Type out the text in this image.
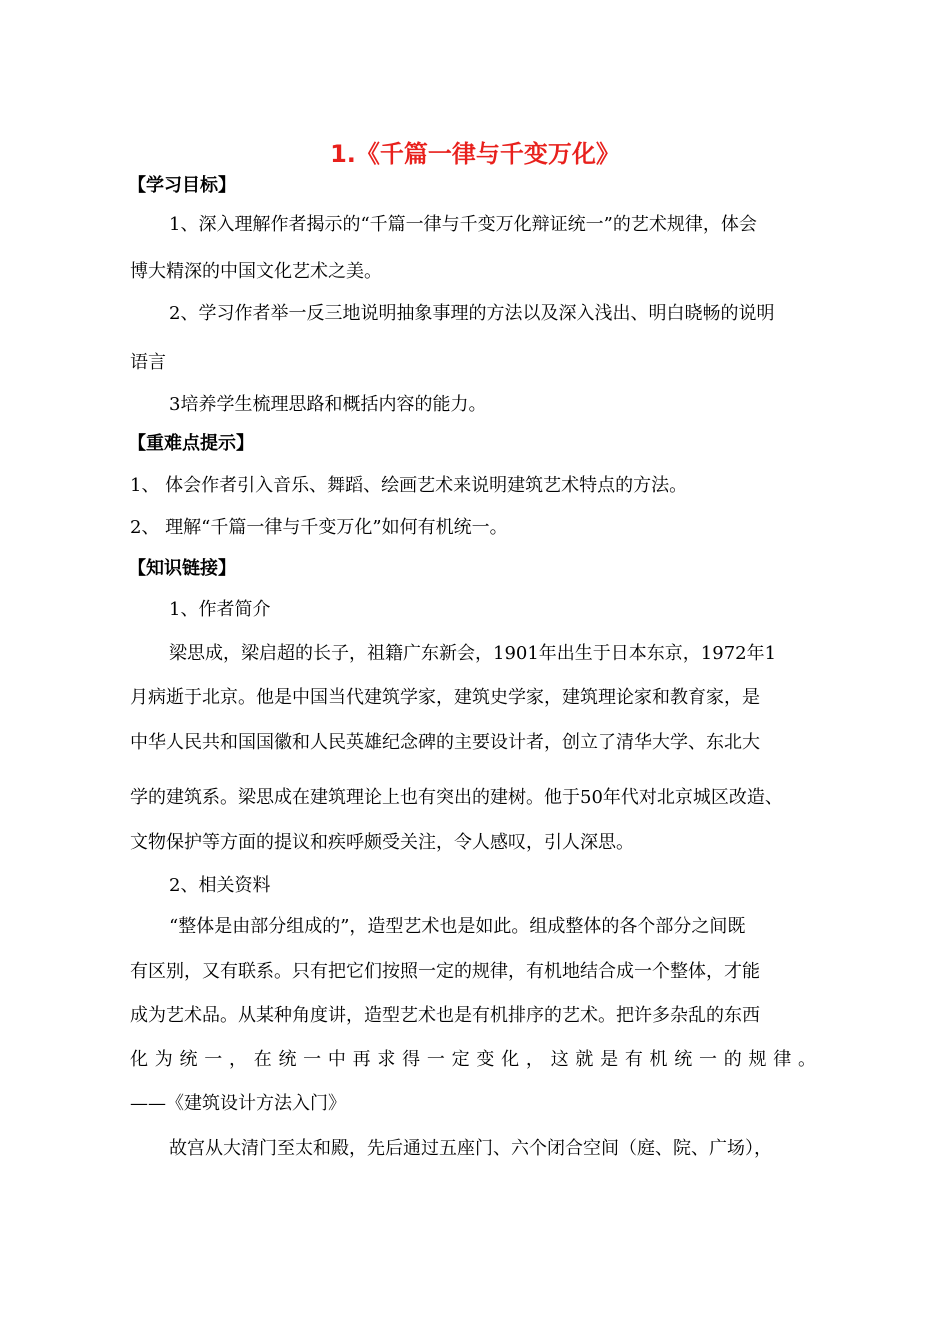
1.《千篇一律与千变万化》
【学习目标】
1、深入理解作者揭示的“千篇一律与千变万化辩证统一”的艺术规律，体会
博大精深的中国文化艺术之美。
2、学习作者举一反三地说明抽象事理的方法以及深入浅出、明白晓畅的说明
语言
3培养学生梳理思路和概括内容的能力。
【重难点提示】
1、 体会作者引入音乐、舞蹈、绘画艺术来说明建筑艺术特点的方法。
2、 理解“千篇一律与千变万化”如何有机统一。
【知识链接】
1、作者简介
梁思成，梁启超的长子，祖籍广东新会，1901年出生于日本东京，1972年1
月病逝于北京。他是中国当代建筑学家，建筑史学家，建筑理论家和教育家，是
中华人民共和国国徽和人民英雄纪念碑的主要设计者，创立了清华大学、东北大
学的建筑系。梁思成在建筑理论上也有突出的建树。他于50年代对北京城区改造、
文物保护等方面的提议和疾呼颇受关注，令人感叹，引人深思。
2、相关资料
“整体是由部分组成的”，造型艺术也是如此。组成整体的各个部分之间既
有区别，又有联系。只有把它们按照一定的规律，有机地结合成一个整体，才能
成为艺术品。从某种角度讲，造型艺术也是有机排序的艺术。把许多杂乱的东西
化为统一，在统一中再求得一定变化，这就是有机统一的规律。
——《建筑设计方法入门》
故宫从大清门至太和殿，先后通过五座门、六个闭合空间（庭、院、广场），
